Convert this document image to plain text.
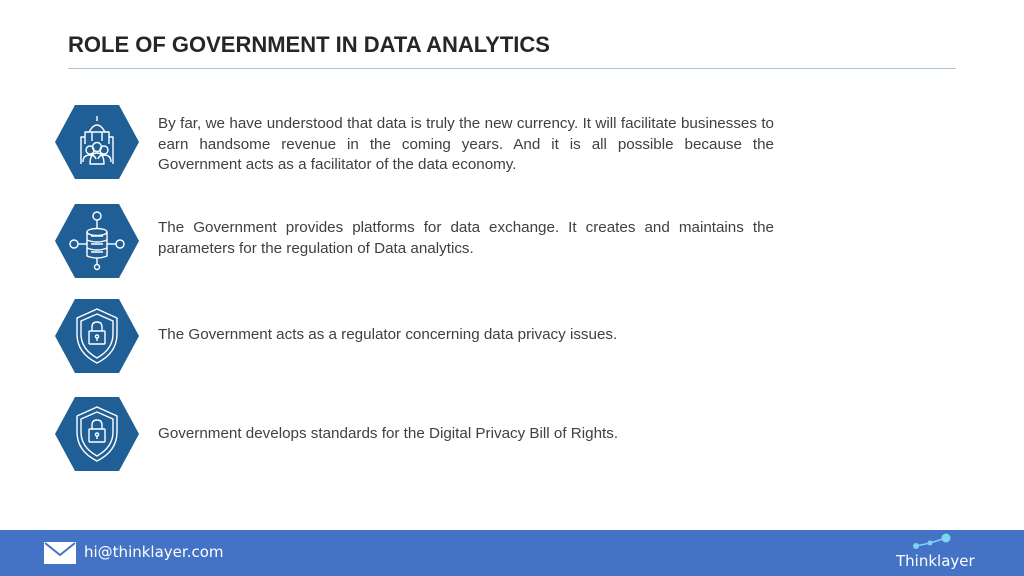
ROLE OF GOVERNMENT IN DATA ANALYTICS
By far, we have understood that data is truly the new currency. It will facilitate businesses to earn handsome revenue in the coming years. And it is all possible because the Government acts as a facilitator of the data economy.
The Government provides platforms for data exchange. It creates and maintains the parameters for the regulation of Data analytics.
The Government acts as a regulator concerning data privacy issues.
Government develops standards for the Digital Privacy Bill of Rights.
hi@thinklayer.com	Thinklayer
